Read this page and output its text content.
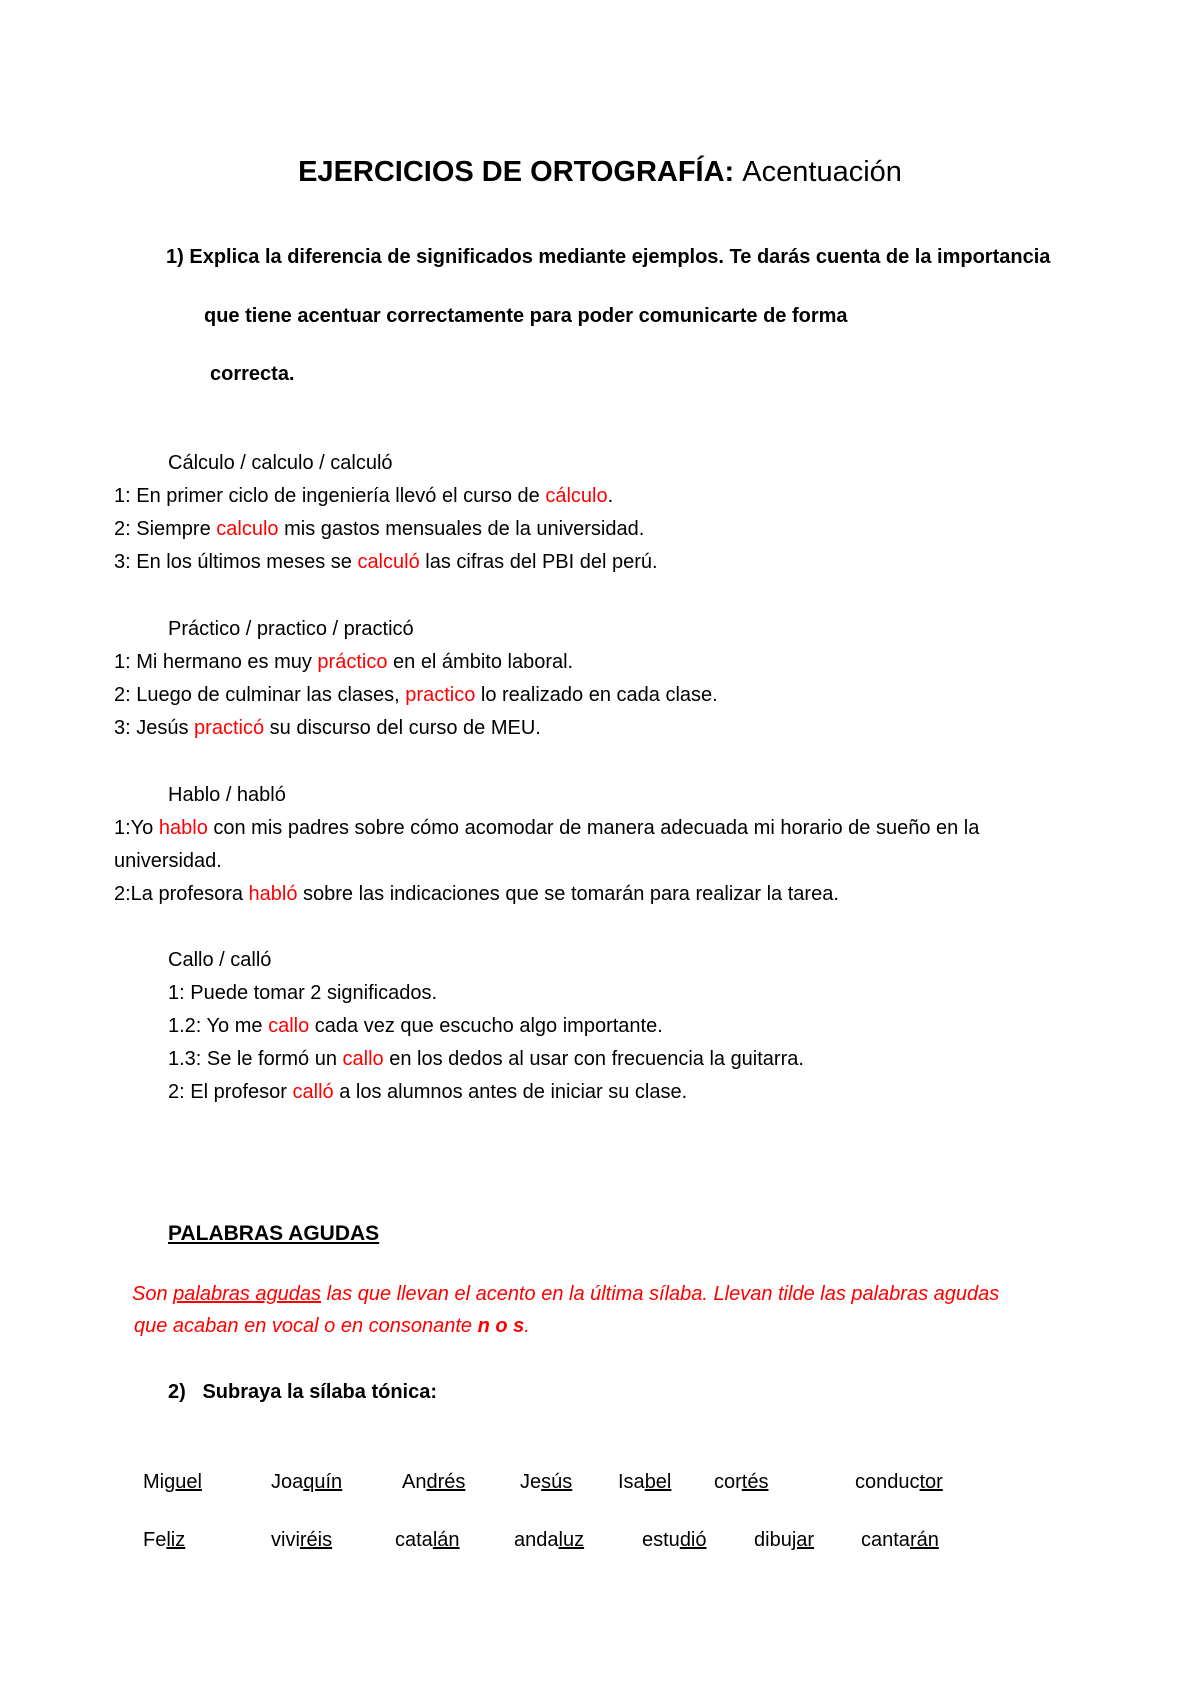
EJERCICIOS DE ORTOGRAFÍA: Acentuación
1) Explica la diferencia de significados mediante ejemplos. Te darás cuenta de la importancia
que tiene acentuar correctamente para poder comunicarte de forma
correcta.
Cálculo / calculo / calculó
1: En primer ciclo de ingeniería llevó el curso de cálculo.
2: Siempre calculo mis gastos mensuales de la universidad.
3: En los últimos meses se calculó las cifras del PBI del perú.
Práctico / practico / practicó
1: Mi hermano es muy práctico en el ámbito laboral.
2: Luego de culminar las clases, practico lo realizado en cada clase.
3: Jesús practicó su discurso del curso de MEU.
Hablo / habló
1:Yo hablo con mis padres sobre cómo acomodar de manera adecuada mi horario de sueño en la
universidad.
2:La profesora habló sobre las indicaciones que se tomarán para realizar la tarea.
Callo / calló
1: Puede tomar 2 significados.
1.2: Yo me callo cada vez que escucho algo importante.
1.3: Se le formó un callo en los dedos al usar con frecuencia la guitarra.
2: El profesor calló a los alumnos antes de iniciar su clase.
PALABRAS AGUDAS
Son palabras agudas las que llevan el acento en la última sílaba. Llevan tilde las palabras agudas
que acaban en vocal o en consonante n o s.
2) Subraya la sílaba tónica:
Miguel	Joaquín	Andrés	Jesús Isabel cortés	conductor
Feliz	viviréis	catalán	andaluz	estudió dibujar cantarán
